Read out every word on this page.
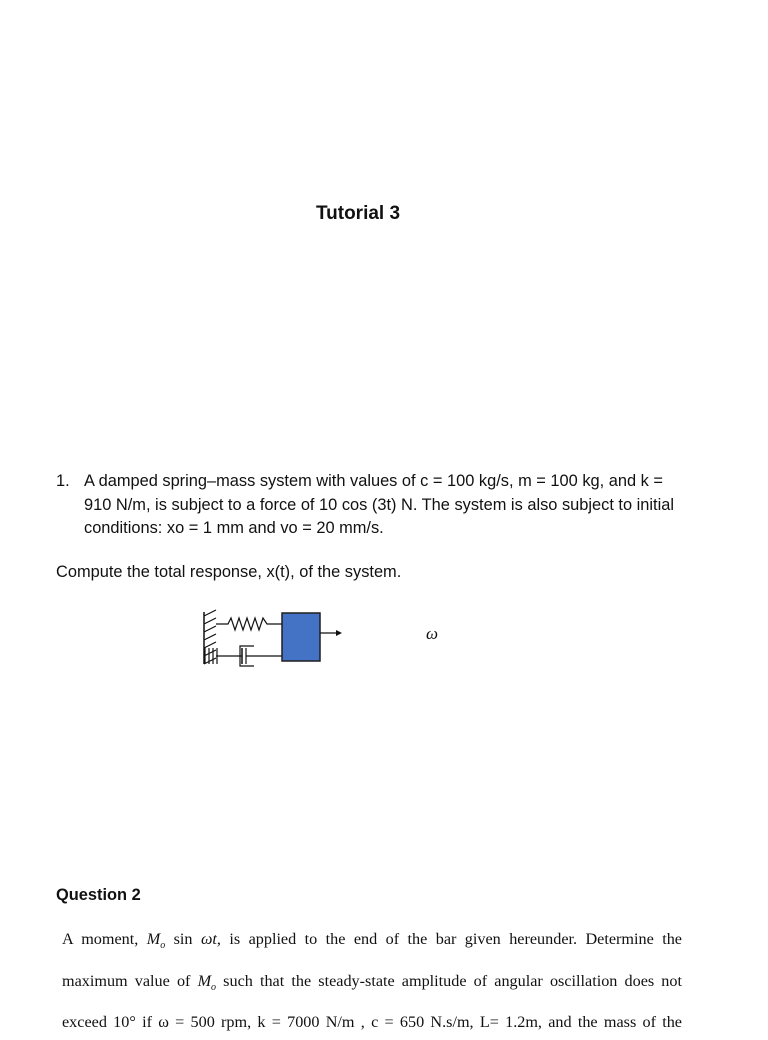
Tutorial 3
1. A damped spring–mass system with values of c = 100 kg/s, m = 100 kg, and k =
910 N/m, is subject to a force of 10 cos (3t) N. The system is also subject to initial
conditions: xo = 1 mm and vo = 20 mm/s.
Compute the total response, x(t), of the system.
ω
Question 2
A moment, $M_o$ sin ωt, is applied to the end of the bar given hereunder. Determine the
maximum value of $M_o$ such that the steady-state amplitude of angular oscillation does not
exceed 10° if ω = 500 rpm, k = 7000 N/m , c = 650 N.s/m, L= 1.2m, and the mass of the
